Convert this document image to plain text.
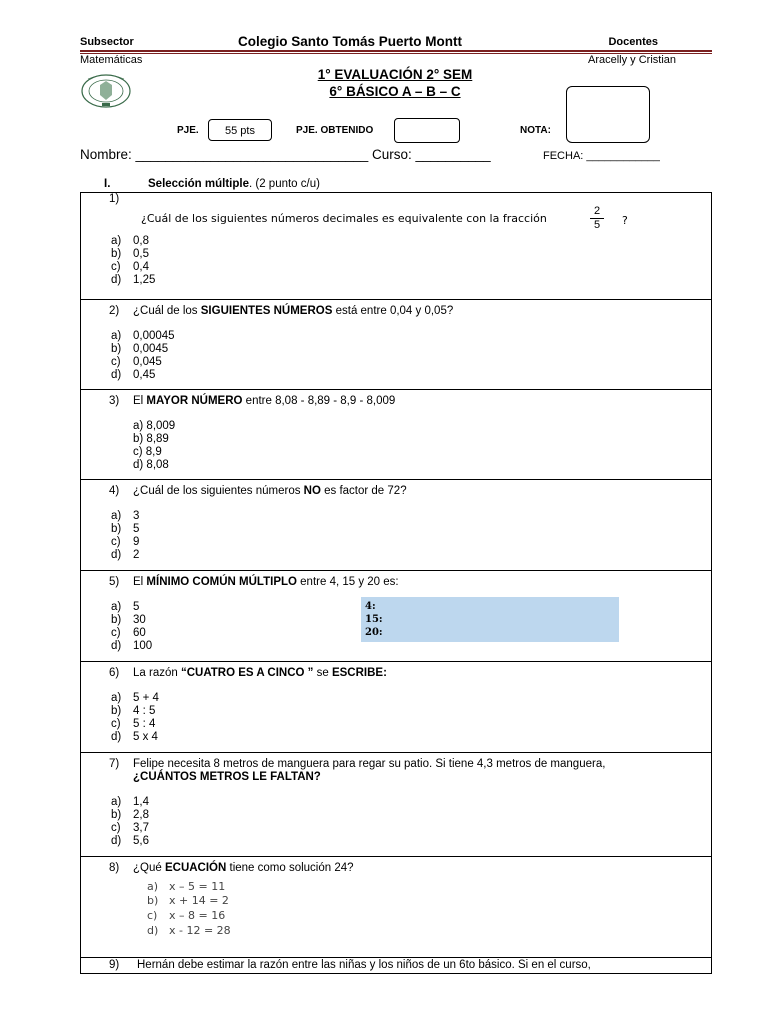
Subsector	Colegio Santo Tomás Puerto Montt	Docentes
Matemáticas	Aracelly y Cristian
1° EVALUACIÓN 2° SEM
6° BÁSICO A – B – C
PJE.	55 pts	PJE. OBTENIDO	NOTA:
Nombre: _______________________________ Curso: __________	FECHA: ____________
I.	Selección múltiple. (2 punto c/u)
1)
¿Cuál de los siguientes números decimales es equivalente con la fracción	$\frac{2}{5}$ ?
a) 0,8
b) 0,5
c) 0,4
d) 1,25
2) ¿Cuál de los SIGUIENTES NÚMEROS está entre 0,04 y 0,05?
a) 0,00045
b) 0,0045
c) 0,045
d) 0,45
3) El MAYOR NÚMERO entre 8,08 - 8,89 - 8,9 - 8,009
a) 8,009
b) 8,89
c) 8,9
d) 8,08
4) ¿Cuál de los siguientes números NO es factor de 72?
a) 3
b) 5
c) 9
d) 2
5) El MÍNIMO COMÚN MÚLTIPLO entre 4, 15 y 20 es:
a) 5
b) 30
c) 60
d) 100
6) La razón “CUATRO ES A CINCO ” se ESCRIBE:
a) 5 + 4
b) 4 : 5
c) 5 : 4
d) 5 x 4
7) Felipe necesita 8 metros de manguera para regar su patio. Si tiene 4,3 metros de manguera,
¿CUÁNTOS METROS LE FALTAN?
a) 1,4
b) 2,8
c) 3,7
d) 5,6
8) ¿Qué ECUACIÓN tiene como solución 24?
a) x – 5 = 11
b) x + 14 = 2
c) x – 8 = 16
d) x - 12 = 28
9) Hernán debe estimar la razón entre las niñas y los niños de un 6to básico. Si en el curso,
4:
15:
20:
